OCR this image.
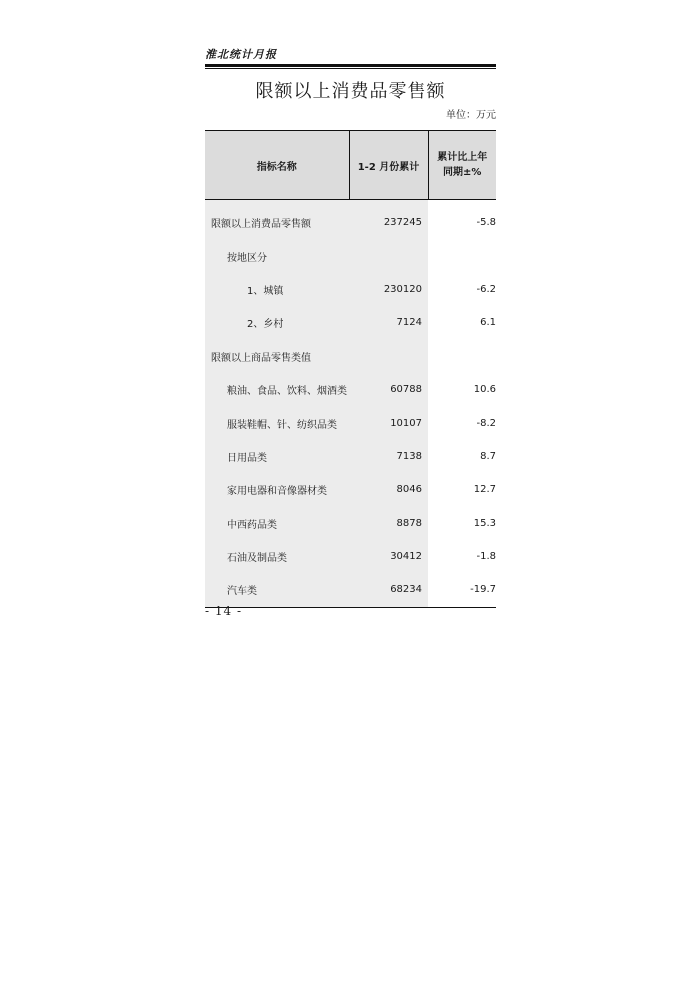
淮北统计月报
限额以上消费品零售额
单位：万元
指标名称	1-2 月份累计	累计比上年
同期±%

限额以上消费品零售额	237245	-5.8
按地区分		
1、城镇	230120	-6.2
2、乡村	7124	6.1
限额以上商品零售类值		
粮油、食品、饮料、烟酒类	60788	10.6
服装鞋帽、针、纺织品类	10107	-8.2
日用品类	7138	8.7
家用电器和音像器材类	8046	12.7
中西药品类	8878	15.3
石油及制品类	30412	-1.8
汽车类	68234	-19.7
- 14 -
